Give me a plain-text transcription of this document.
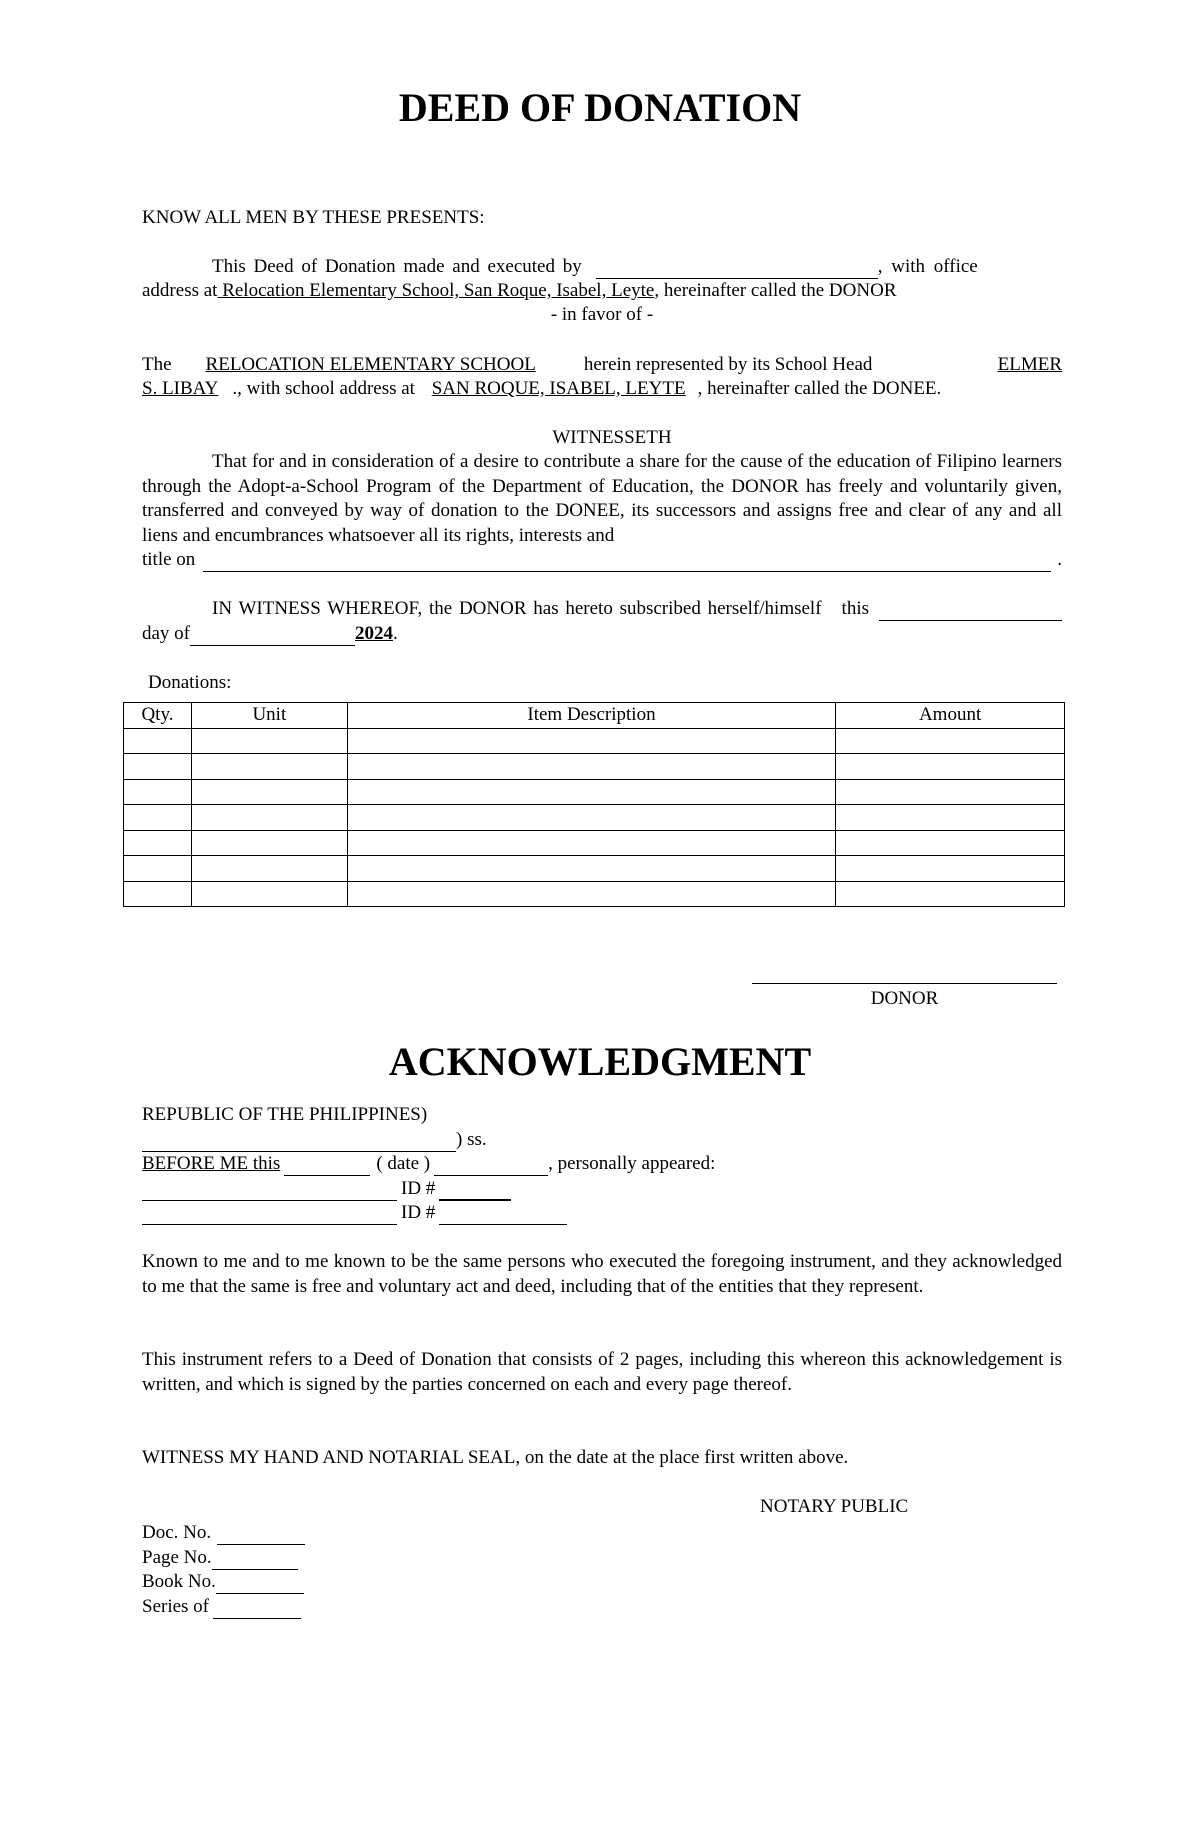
DEED OF DONATION
KNOW ALL MEN BY THESE PRESENTS:
This Deed of Donation made and executed by	, with office
address at Relocation Elementary School, San Roque, Isabel, Leyte, hereinafter called the DONOR
- in favor of -
The	RELOCATION ELEMENTARY SCHOOL	herein represented by its School Head	ELMER
S. LIBAY ., with school address at SAN ROQUE, ISABEL, LEYTE , hereinafter called the DONEE.
WITNESSETH
That for and in consideration of a desire to contribute a share for the cause of the education of Filipino learners through the Adopt-a-School Program of the Department of Education, the DONOR has freely and voluntarily given, transferred and conveyed by way of donation to the DONEE, its successors and assigns free and clear of any and all liens and encumbrances whatsoever all its rights, interests and
title on	.
IN WITNESS WHEREOF, the DONOR has hereto subscribed herself/himself this
day of	2024 .
Donations:
Qty.	Unit	Item Description	Amount

DONOR
ACKNOWLEDGMENT
REPUBLIC OF THE PHILIPPINES)
) ss.
BEFORE ME this	( date )	, personally appeared:
ID #
ID #
Known to me and to me known to be the same persons who executed the foregoing instrument, and they acknowledged to me that the same is free and voluntary act and deed, including that of the entities that they represent.
This instrument refers to a Deed of Donation that consists of 2 pages, including this whereon this acknowledgement is written, and which is signed by the parties concerned on each and every page thereof.
WITNESS MY HAND AND NOTARIAL SEAL, on the date at the place first written above.
NOTARY PUBLIC
Doc. No.
Page No.
Book No.
Series of
